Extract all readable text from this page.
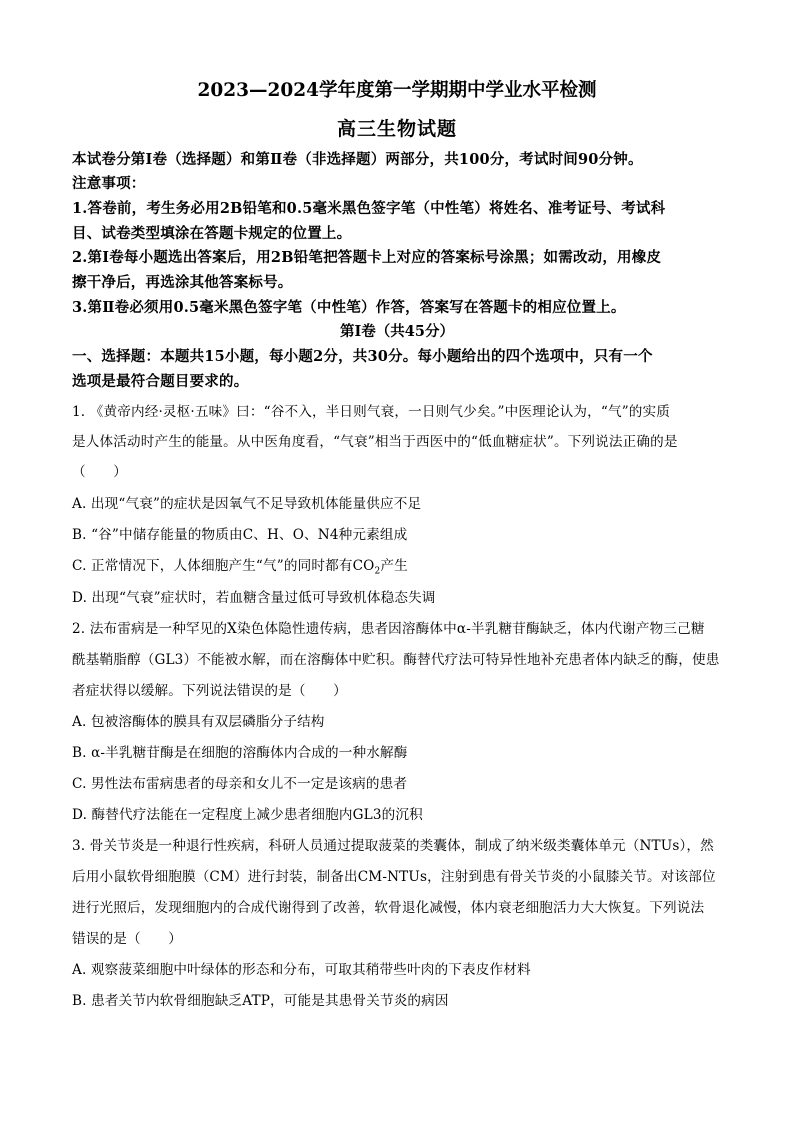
2023—2024学年度第一学期期中学业水平检测
高三生物试题
本试卷分第Ⅰ卷（选择题）和第Ⅱ卷（非选择题）两部分，共100分，考试时间90分钟。
注意事项：
1.答卷前，考生务必用2B铅笔和0.5毫米黑色签字笔（中性笔）将姓名、准考证号、考试科
目、试卷类型填涂在答题卡规定的位置上。
2.第Ⅰ卷每小题选出答案后，用2B铅笔把答题卡上对应的答案标号涂黑；如需改动，用橡皮
擦干净后，再选涂其他答案标号。
3.第Ⅱ卷必须用0.5毫米黑色签字笔（中性笔）作答，答案写在答题卡的相应位置上。
第Ⅰ卷（共45分）
一、选择题：本题共15小题，每小题2分，共30分。每小题给出的四个选项中，只有一个
选项是最符合题目要求的。
1. 《黄帝内经·灵枢·五味》曰：“谷不入，半日则气衰，一日则气少矣。”中医理论认为，“气”的实质
是人体活动时产生的能量。从中医角度看，“气衰”相当于西医中的“低血糖症状”。下列说法正确的是
（　　）
A. 出现“气衰”的症状是因氧气不足导致机体能量供应不足
B. “谷”中储存能量的物质由C、H、O、N4种元素组成
C. 正常情况下，人体细胞产生“气”的同时都有$CO_2$产生
D. 出现“气衰”症状时，若血糖含量过低可导致机体稳态失调
2. 法布雷病是一种罕见的X染色体隐性遗传病，患者因溶酶体中α-半乳糖苷酶缺乏，体内代谢产物三己糖
酰基鞘脂醇（GL3）不能被水解，而在溶酶体中贮积。酶替代疗法可特异性地补充患者体内缺乏的酶，使患
者症状得以缓解。下列说法错误的是（　　）
A. 包被溶酶体的膜具有双层磷脂分子结构
B. α-半乳糖苷酶是在细胞的溶酶体内合成的一种水解酶
C. 男性法布雷病患者的母亲和女儿不一定是该病的患者
D. 酶替代疗法能在一定程度上减少患者细胞内GL3的沉积
3. 骨关节炎是一种退行性疾病，科研人员通过提取菠菜的类囊体，制成了纳米级类囊体单元（NTUs），然
后用小鼠软骨细胞膜（CM）进行封装，制备出CM-NTUs，注射到患有骨关节炎的小鼠膝关节。对该部位
进行光照后，发现细胞内的合成代谢得到了改善，软骨退化减慢，体内衰老细胞活力大大恢复。下列说法
错误的是（　　）
A. 观察菠菜细胞中叶绿体的形态和分布，可取其稍带些叶肉的下表皮作材料
B. 患者关节内软骨细胞缺乏ATP，可能是其患骨关节炎的病因
